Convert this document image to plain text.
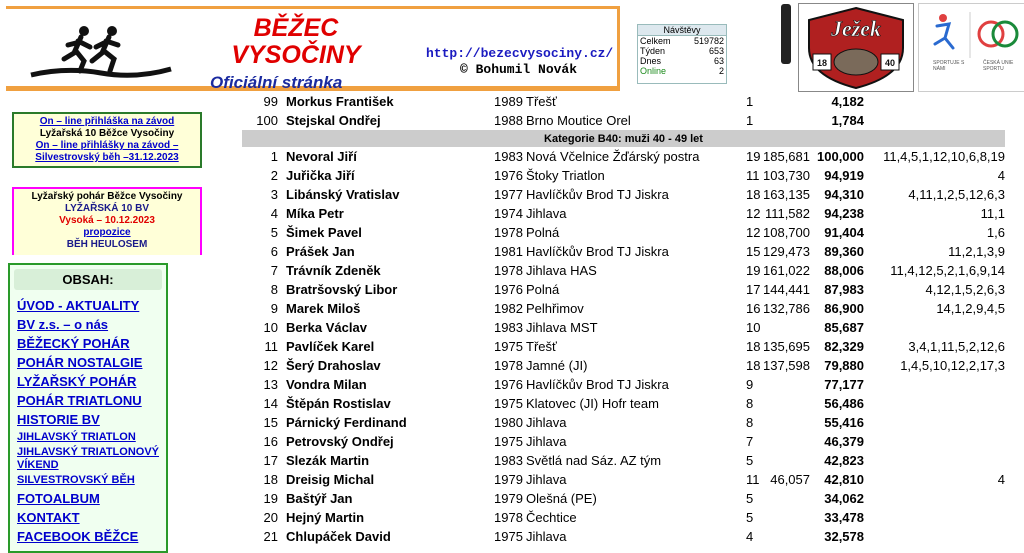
BĚŽEC
VYSOČINY
Oficiální stránka
http://bezecvysociny.cz/
© Bohumil Novák
Návštěvy
Celkem	519782
Týden	653
Dnes	63
Online	2
Ježek
18	40	SPORTUJE S NÁMI
ČESKÁ UNIE SPORTU
On – line přihláška na závod
Lyžařská 10 Běžce Vysočiny
On – line přihlášky na závod –
Silvestrovský běh –31.12.2023
Lyžařský pohár Běžce Vysočiny
LYŽAŘSKÁ 10 BV
Vysoká – 10.12.2023
propozice
BĚH HEULOSEM
OBSAH:
ÚVOD - AKTUALITY
BV z.s. – o nás
BĚŽECKÝ POHÁR
POHÁR NOSTALGIE
LYŽAŘSKÝ POHÁR
POHÁR TRIATLONU
HISTORIE BV
JIHLAVSKÝ TRIATLON
JIHLAVSKÝ TRIATLONOVÝ VÍKEND
SILVESTROVSKÝ BĚH
FOTOALBUM
KONTAKT
FACEBOOK BĚŽCE
99	Morkus František	1989	Třešť	1		4,182	
100	Stejskal Ondřej	1988	Brno Moutice Orel	1		1,784	
Kategorie B40: muži 40 - 49 let							
1	Nevoral Jiří	1983	Nová Včelnice Žďárský postra	19	185,681	100,000	11,4,5,1,12,10,6,8,19
2	Juřička Jiří	1976	Štoky Triatlon	11	103,730	94,919	4
3	Libánský Vratislav	1977	Havlíčkův Brod TJ Jiskra	18	163,135	94,310	4,11,1,2,5,12,6,3
4	Míka Petr	1974	Jihlava	12	111,582	94,238	11,1
5	Šimek Pavel	1978	Polná	12	108,700	91,404	1,6
6	Prášek Jan	1981	Havlíčkův Brod TJ Jiskra	15	129,473	89,360	11,2,1,3,9
7	Trávník Zdeněk	1978	Jihlava HAS	19	161,022	88,006	11,4,12,5,2,1,6,9,14
8	Bratršovský Libor	1976	Polná	17	144,441	87,983	4,12,1,5,2,6,3
9	Marek Miloš	1982	Pelhřimov	16	132,786	86,900	14,1,2,9,4,5
10	Berka Václav	1983	Jihlava MST	10		85,687	
11	Pavlíček Karel	1975	Třešť	18	135,695	82,329	3,4,1,11,5,2,12,6
12	Šerý Drahoslav	1978	Jamné (JI)	18	137,598	79,880	1,4,5,10,12,2,17,3
13	Vondra Milan	1976	Havlíčkův Brod TJ Jiskra	9		77,177	
14	Štěpán Rostislav	1975	Klatovec (JI) Hofr team	8		56,486	
15	Párnický Ferdinand	1980	Jihlava	8		55,416	
16	Petrovský Ondřej	1975	Jihlava	7		46,379	
17	Slezák Martin	1983	Světlá nad Sáz. AZ tým	5		42,823	
18	Dreisig Michal	1979	Jihlava	11	46,057	42,810	4
19	Baštýř Jan	1979	Olešná (PE)	5		34,062	
20	Hejný Martin	1978	Čechtice	5		33,478	
21	Chlupáček David	1975	Jihlava	4		32,578	
